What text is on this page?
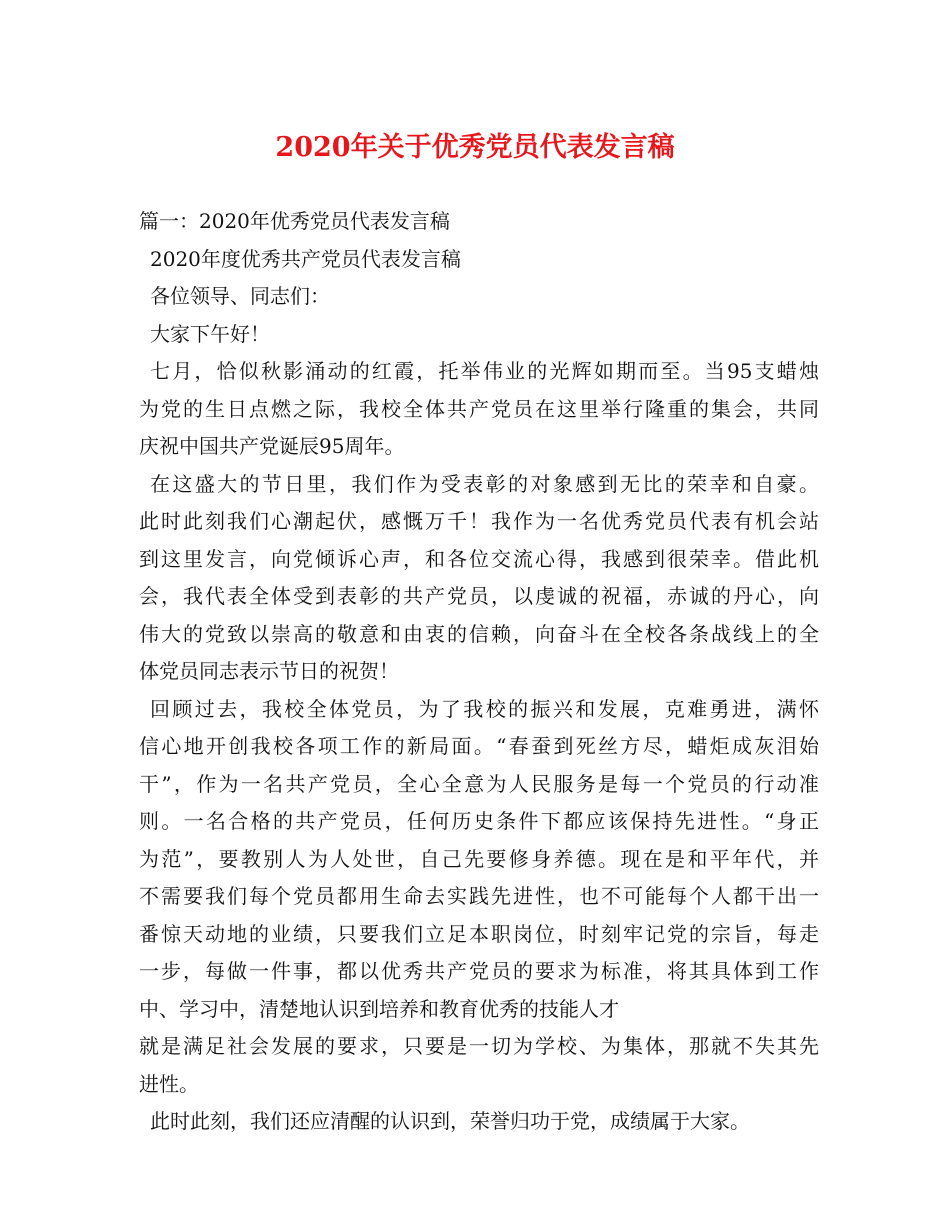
2020年关于优秀党员代表发言稿
篇一：2020年优秀党员代表发言稿
2020年度优秀共产党员代表发言稿
各位领导、同志们：
大家下午好！
七月，恰似秋影涌动的红霞，托举伟业的光辉如期而至。当95支蜡烛
为党的生日点燃之际，我校全体共产党员在这里举行隆重的集会，共同
庆祝中国共产党诞辰95周年。
在这盛大的节日里，我们作为受表彰的对象感到无比的荣幸和自豪。
此时此刻我们心潮起伏，感慨万千！我作为一名优秀党员代表有机会站
到这里发言，向党倾诉心声，和各位交流心得，我感到很荣幸。借此机
会，我代表全体受到表彰的共产党员，以虔诚的祝福，赤诚的丹心，向
伟大的党致以崇高的敬意和由衷的信赖，向奋斗在全校各条战线上的全
体党员同志表示节日的祝贺！
回顾过去，我校全体党员，为了我校的振兴和发展，克难勇进，满怀
信心地开创我校各项工作的新局面。“春蚕到死丝方尽，蜡炬成灰泪始
干”，作为一名共产党员，全心全意为人民服务是每一个党员的行动准
则。一名合格的共产党员，任何历史条件下都应该保持先进性。“身正
为范”，要教别人为人处世，自己先要修身养德。现在是和平年代，并
不需要我们每个党员都用生命去实践先进性，也不可能每个人都干出一
番惊天动地的业绩，只要我们立足本职岗位，时刻牢记党的宗旨，每走
一步，每做一件事，都以优秀共产党员的要求为标准，将其具体到工作
中、学习中，清楚地认识到培养和教育优秀的技能人才
就是满足社会发展的要求，只要是一切为学校、为集体，那就不失其先
进性。
此时此刻，我们还应清醒的认识到，荣誉归功于党，成绩属于大家。
